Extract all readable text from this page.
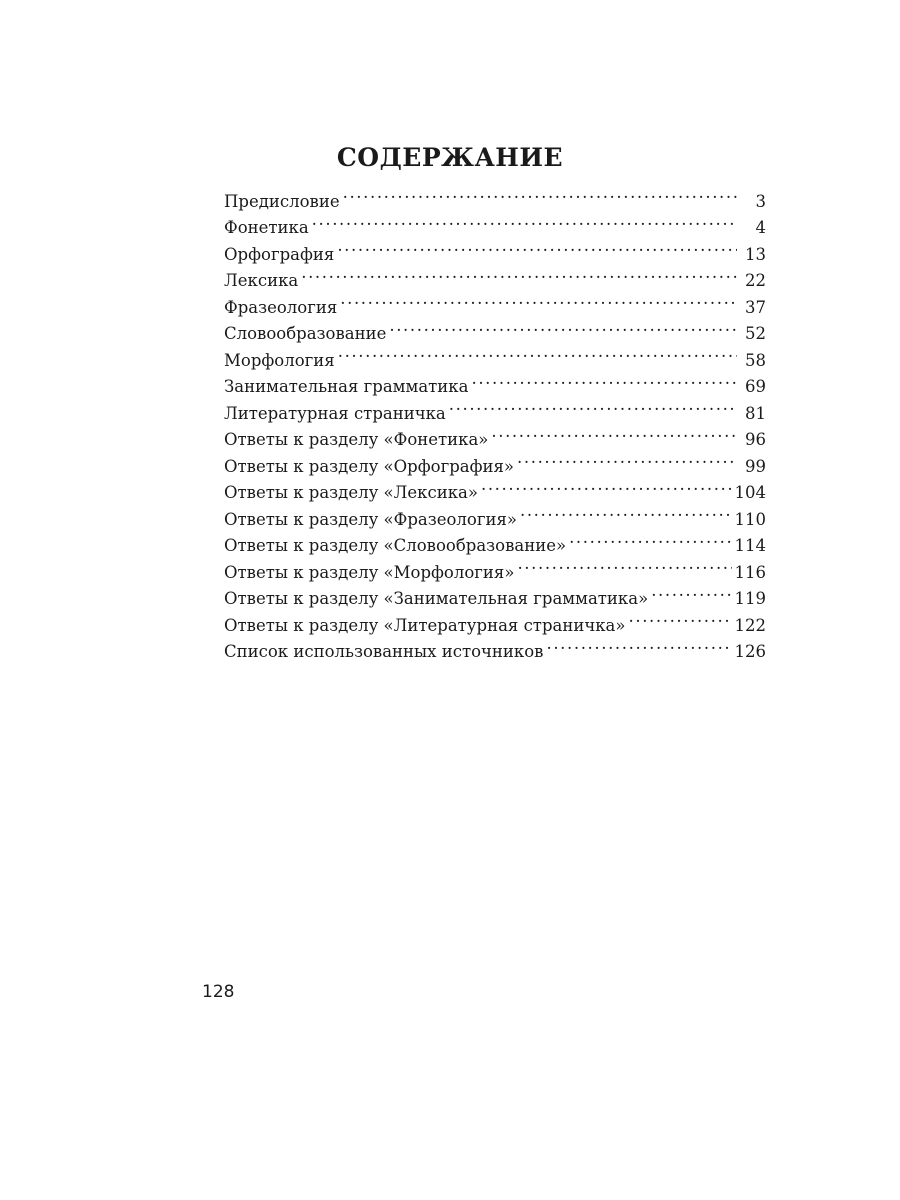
СОДЕРЖАНИЕ
Предисловие .....	3
Фонетика .....	4
Орфография .....	13
Лексика .....	22
Фразеология .....	37
Словообразование .....	52
Морфология .....	58
Занимательная грамматика .....	69
Литературная страничка .....	81
Ответы к разделу «Фонетика» .....	96
Ответы к разделу «Орфография» .....	99
Ответы к разделу «Лексика» .....	104
Ответы к разделу «Фразеология» .....	110
Ответы к разделу «Словообразование» .....	114
Ответы к разделу «Морфология» .....	116
Ответы к разделу «Занимательная грамматика» .....	119
Ответы к разделу «Литературная страничка» .....	122
Список использованных источников .....	126
128
